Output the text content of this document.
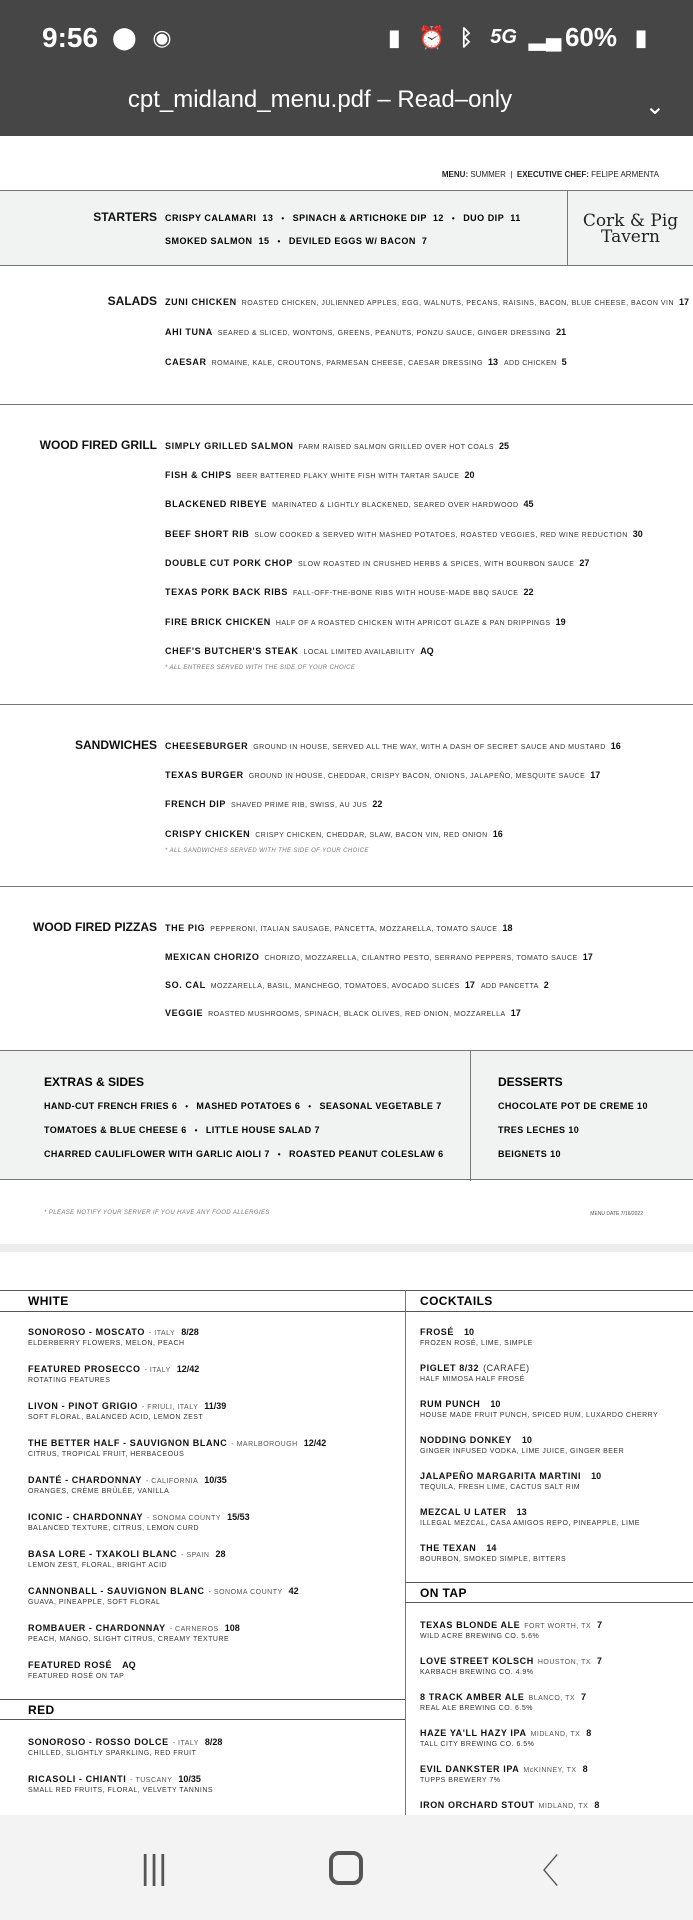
9:56 ⬤ ◉	▮ ⏰ ᛒ 5G ▂▄ 60% ▮
cpt_midland_menu.pdf – Read–only	⌄
MENU: SUMMER  |  EXECUTIVE CHEF: FELIPE ARMENTA
STARTERS CRISPY CALAMARI 13 • SPINACH & ARTICHOKE DIP 12 • DUO DIP 11
SMOKED SALMON 15 • DEVILED EGGS W/ BACON 7
Cork & Pig
Tavern
SALADS ZUNI CHICKEN ROASTED CHICKEN, JULIENNED APPLES, EGG, WALNUTS, PECANS, RAISINS, BACON, BLUE CHEESE, BACON VIN 17
AHI TUNA SEARED & SLICED, WONTONS, GREENS, PEANUTS, PONZU SAUCE, GINGER DRESSING 21
CAESAR ROMAINE, KALE, CROUTONS, PARMESAN CHEESE, CAESAR DRESSING 13 ADD CHICKEN 5
WOOD FIRED GRILL SIMPLY GRILLED SALMON FARM RAISED SALMON GRILLED OVER HOT COALS 25
FISH & CHIPS BEER BATTERED FLAKY WHITE FISH WITH TARTAR SAUCE 20
BLACKENED RIBEYE MARINATED & LIGHTLY BLACKENED, SEARED OVER HARDWOOD 45
BEEF SHORT RIB SLOW COOKED & SERVED WITH MASHED POTATOES, ROASTED VEGGIES, RED WINE REDUCTION 30
DOUBLE CUT PORK CHOP SLOW ROASTED IN CRUSHED HERBS & SPICES, WITH BOURBON SAUCE 27
TEXAS PORK BACK RIBS FALL-OFF-THE-BONE RIBS WITH HOUSE-MADE BBQ SAUCE 22
FIRE BRICK CHICKEN HALF OF A ROASTED CHICKEN WITH APRICOT GLAZE & PAN DRIPPINGS 19
CHEF'S BUTCHER'S STEAK LOCAL LIMITED AVAILABILITY AQ
* ALL ENTREES SERVED WITH THE SIDE OF YOUR CHOICE
SANDWICHES CHEESEBURGER GROUND IN HOUSE, SERVED ALL THE WAY, WITH A DASH OF SECRET SAUCE AND MUSTARD 16
TEXAS BURGER GROUND IN HOUSE, CHEDDAR, CRISPY BACON, ONIONS, JALAPEÑO, MESQUITE SAUCE 17
FRENCH DIP SHAVED PRIME RIB, SWISS, AU JUS 22
CRISPY CHICKEN CRISPY CHICKEN, CHEDDAR, SLAW, BACON VIN, RED ONION 16
* ALL SANDWICHES SERVED WITH THE SIDE OF YOUR CHOICE
WOOD FIRED PIZZAS THE PIG PEPPERONI, ITALIAN SAUSAGE, PANCETTA, MOZZARELLA, TOMATO SAUCE 18
MEXICAN CHORIZO CHORIZO, MOZZARELLA, CILANTRO PESTO, SERRANO PEPPERS, TOMATO SAUCE 17
SO. CAL MOZZARELLA, BASIL, MANCHEGO, TOMATOES, AVOCADO SLICES 17 ADD PANCETTA 2
VEGGIE ROASTED MUSHROOMS, SPINACH, BLACK OLIVES, RED ONION, MOZZARELLA 17
EXTRAS & SIDES
HAND-CUT FRENCH FRIES 6 • MASHED POTATOES 6 • SEASONAL VEGETABLE 7
TOMATOES & BLUE CHEESE 6 • LITTLE HOUSE SALAD 7
CHARRED CAULIFLOWER WITH GARLIC AIOLI 7 • ROASTED PEANUT COLESLAW 6
DESSERTS
CHOCOLATE POT DE CREME 10
TRES LECHES 10
BEIGNETS 10
* PLEASE NOTIFY YOUR SERVER IF YOU HAVE ANY FOOD ALLERGIES	MENU DATE 7/16/2022
WHITE	COCKTAILS
RED
ON TAP
SONOROSO - MOSCATO - ITALY 8/28
ELDERBERRY FLOWERS, MELON, PEACH
FEATURED PROSECCO - ITALY 12/42
ROTATING FEATURES
LIVON - PINOT GRIGIO - FRIULI, ITALY 11/39
SOFT FLORAL, BALANCED ACID, LEMON ZEST
THE BETTER HALF - SAUVIGNON BLANC - MARLBOROUGH 12/42
CITRUS, TROPICAL FRUIT, HERBACEOUS
DANTÉ - CHARDONNAY - CALIFORNIA 10/35
ORANGES, CRÈME BRÛLÉE, VANILLA
ICONIC - CHARDONNAY - SONOMA COUNTY 15/53
BALANCED TEXTURE, CITRUS, LEMON CURD
BASA LORE - TXAKOLI BLANC - SPAIN 28
LEMON ZEST, FLORAL, BRIGHT ACID
CANNONBALL - SAUVIGNON BLANC - SONOMA COUNTY 42
GUAVA, PINEAPPLE, SOFT FLORAL
ROMBAUER - CHARDONNAY - CARNEROS 108
PEACH, MANGO, SLIGHT CITRUS, CREAMY TEXTURE
FEATURED ROSÉ AQ
FEATURED ROSÉ ON TAP
SONOROSO - ROSSO DOLCE - ITALY 8/28
CHILLED, SLIGHTLY SPARKLING, RED FRUIT
RICASOLI - CHIANTI - TUSCANY 10/35
SMALL RED FRUITS, FLORAL, VELVETY TANNINS
FROSÉ 10
FROZEN ROSÉ, LIME, SIMPLE
PIGLET 8/32 (CARAFE)
HALF MIMOSA HALF FROSÉ
RUM PUNCH 10
HOUSE MADE FRUIT PUNCH, SPICED RUM, LUXARDO CHERRY
NODDING DONKEY 10
GINGER INFUSED VODKA, LIME JUICE, GINGER BEER
JALAPEÑO MARGARITA MARTINI 10
TEQUILA, FRESH LIME, CACTUS SALT RIM
MEZCAL U LATER 13
ILLEGAL MEZCAL, CASA AMIGOS REPO, PINEAPPLE, LIME
THE TEXAN 14
BOURBON, SMOKED SIMPLE, BITTERS
TEXAS BLONDE ALE FORT WORTH, TX 7
WILD ACRE BREWING CO. 5.6%
LOVE STREET KOLSCH HOUSTON, TX 7
KARBACH BREWING CO. 4.9%
8 TRACK AMBER ALE BLANCO, TX 7
REAL ALE BREWING CO. 6.5%
HAZE YA'LL HAZY IPA MIDLAND, TX 8
TALL CITY BREWING CO. 6.5%
EVIL DANKSTER IPA McKINNEY, TX 8
TUPPS BREWERY 7%
IRON ORCHARD STOUT MIDLAND, TX 8
|||	〈
